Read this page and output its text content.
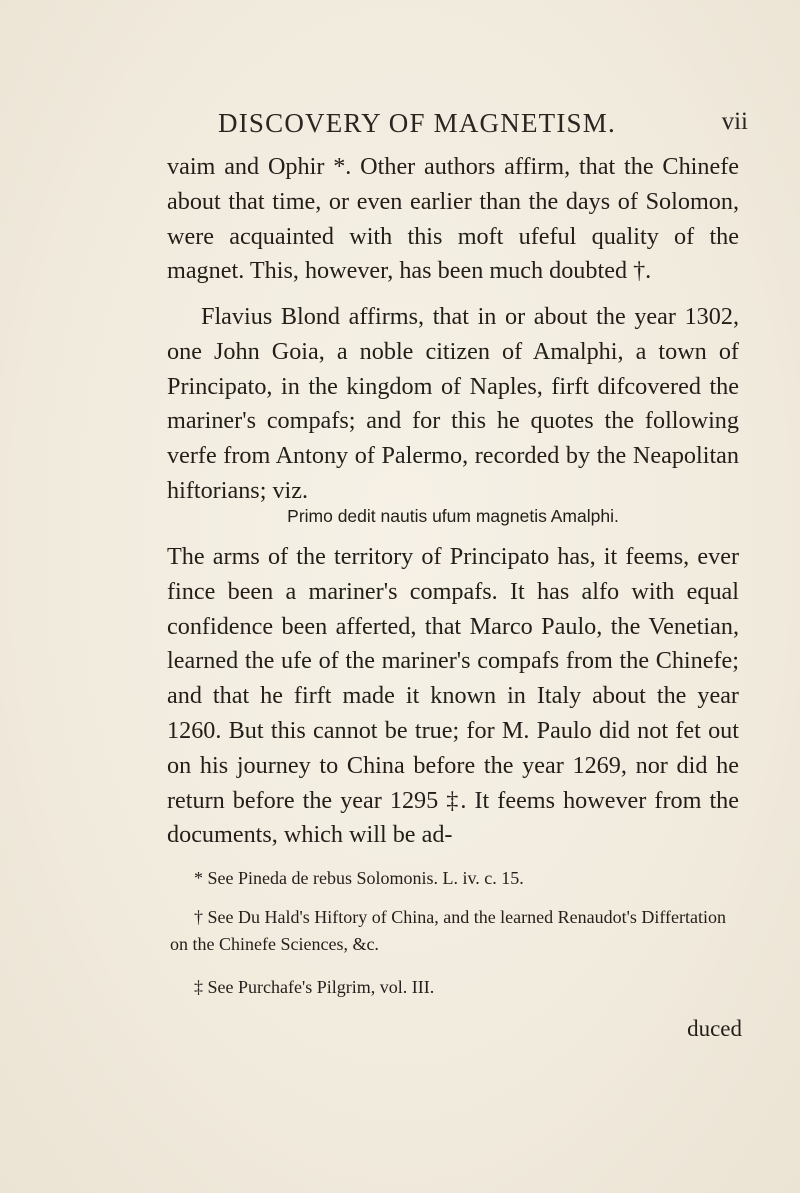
DISCOVERY OF MAGNETISM.	vii

vaim and Ophir *. Other authors affirm, that the Chinefe about that time, or even earlier than the days of Solomon, were acquainted with this moft ufeful quality of the magnet. This, however, has been much doubted †.

Flavius Blond affirms, that in or about the year 1302, one John Goia, a noble citizen of Amalphi, a town of Principato, in the kingdom of Naples, firft difcovered the mariner's compafs; and for this he quotes the following verfe from Antony of Palermo, recorded by the Neapolitan hiftorians; viz.

Primo dedit nautis ufum magnetis Amalphi.

The arms of the territory of Principato has, it feems, ever fince been a mariner's compafs. It has alfo with equal confidence been afferted, that Marco Paulo, the Venetian, learned the ufe of the mariner's compafs from the Chinefe; and that he firft made it known in Italy about the year 1260. But this cannot be true; for M. Paulo did not fet out on his journey to China before the year 1269, nor did he return before the year 1295 ‡. It feems however from the documents, which will be ad-

* See Pineda de rebus Solomonis. L. iv. c. 15.

† See Du Hald's Hiftory of China, and the learned Renaudot's Differtation on the Chinefe Sciences, &c.

‡ See Purchafe's Pilgrim, vol. III.

duced
